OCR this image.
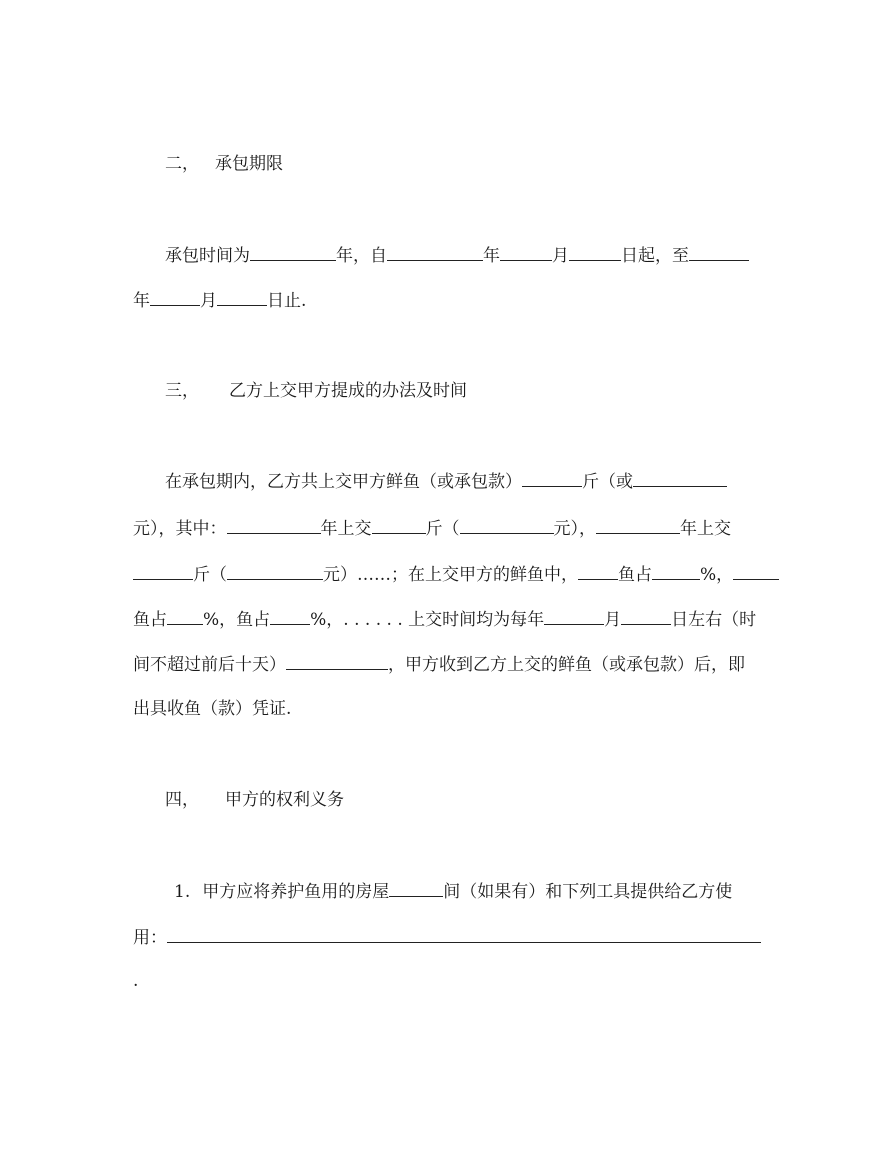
二， 承包期限
承包时间为	年，自	年	月	日起，至
年	月	日止.
三， 乙方上交甲方提成的办法及时间
在承包期内，乙方共上交甲方鲜鱼（或承包款）	斤（或
元），其中：	年上交	斤（	元），	年上交
斤（	元）……；在上交甲方的鲜鱼中， 鱼占	%，
鱼占 %，鱼占 %，. . . . . . 上交时间均为每年	月	日左右（时
间不超过前后十天）	，甲方收到乙方上交的鲜鱼（或承包款）后，即
出具收鱼（款）凭证.
四， 甲方的权利义务
1. 甲方应将养护鱼用的房屋	间（如果有）和下列工具提供给乙方使
用：
.
